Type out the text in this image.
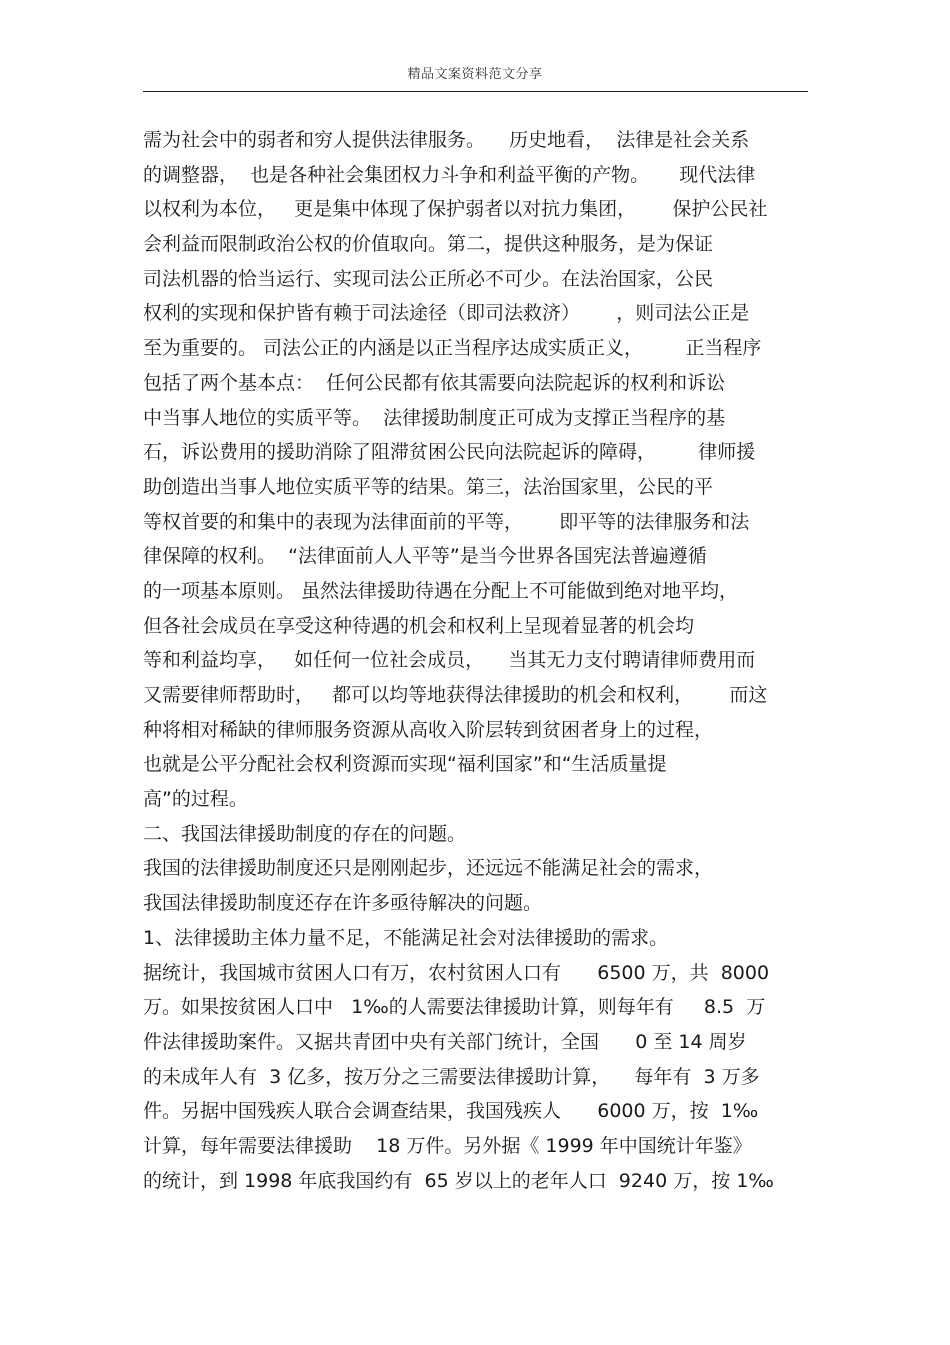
精品文案资料范文分享
需为社会中的弱者和穷人提供法律服务。    历史地看，  法律是社会关系
的调整器，  也是各种社会集团权力斗争和利益平衡的产物。     现代法律
以权利为本位，   更是集中体现了保护弱者以对抗力集团，      保护公民社
会利益而限制政治公权的价值取向。第二，提供这种服务，是为保证
司法机器的恰当运行、实现司法公正所必不可少。在法治国家，公民
权利的实现和保护皆有赖于司法途径（即司法救济）      ，则司法公正是
至为重要的。 司法公正的内涵是以正当程序达成实质正义，       正当程序
包括了两个基本点：  任何公民都有依其需要向法院起诉的权利和诉讼
中当事人地位的实质平等。  法律援助制度正可成为支撑正当程序的基
石，诉讼费用的援助消除了阻滞贫困公民向法院起诉的障碍，       律师援
助创造出当事人地位实质平等的结果。第三，法治国家里，公民的平
等权首要的和集中的表现为法律面前的平等，      即平等的法律服务和法
律保障的权利。  “法律面前人人平等”是当今世界各国宪法普遍遵循
的一项基本原则。 虽然法律援助待遇在分配上不可能做到绝对地平均，
但各社会成员在享受这种待遇的机会和权利上呈现着显著的机会均
等和利益均享，   如任何一位社会成员，    当其无力支付聘请律师费用而
又需要律师帮助时，   都可以均等地获得法律援助的机会和权利，      而这
种将相对稀缺的律师服务资源从高收入阶层转到贫困者身上的过程，
也就是公平分配社会权利资源而实现“福利国家”和“生活质量提
高”的过程。
二、我国法律援助制度的存在的问题。
我国的法律援助制度还只是刚刚起步，还远远不能满足社会的需求，
我国法律援助制度还存在许多亟待解决的问题。
1、法律援助主体力量不足，不能满足社会对法律援助的需求。
据统计，我国城市贫困人口有万，农村贫困人口有      6500 万，共  8000
万。如果按贫困人口中   1‰的人需要法律援助计算，则每年有     8.5  万
件法律援助案件。又据共青团中央有关部门统计，全国      0 至 14 周岁
的未成年人有  3 亿多，按万分之三需要法律援助计算，    每年有  3 万多
件。另据中国残疾人联合会调查结果，我国残疾人      6000 万，按  1‰
计算，每年需要法律援助    18 万件。另外据《 1999 年中国统计年鉴》
的统计，到 1998 年底我国约有  65 岁以上的老年人口  9240 万，按 1‰
